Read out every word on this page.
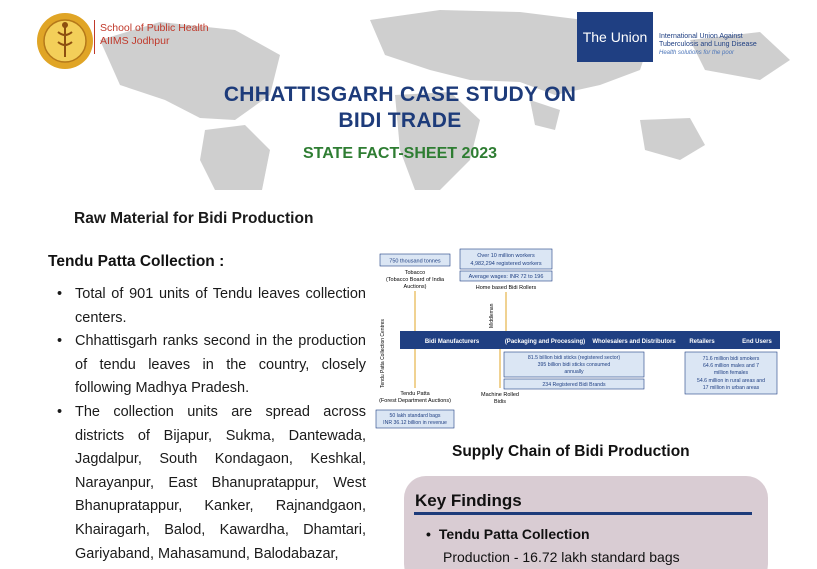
School of Public Health
AIIMS Jodhpur	The Union International Union Against
Tuberculosis and Lung Disease
Health solutions for the poor
CHHATTISGARH CASE STUDY ON
BIDI TRADE
STATE FACT-SHEET 2023
Raw Material for Bidi Production
Tendu Patta Collection :
• Total of 901 units of Tendu leaves collection centers.
• Chhattisgarh ranks second in the production of tendu leaves in the country, closely following Madhya Pradesh.
• The collection units are spread across districts of Bijapur, Sukma, Dantewada, Jagdalpur, South Kondagaon, Keshkal, Narayanpur, East Bhanupratappur, West Bhanupratappur, Kanker, Rajnandgaon, Khairagarh, Balod, Kawardha, Dhamtari, Gariyaband, Mahasamund, Balodabazar,
750 thousand tonnes
Tobacco
(Tobacco Board of India
Auctions)
Over 10 million workers
4,982,294 registered workers
Average wages: INR 72 to 196
Home based Bidi Rollers
Middleman
Bidi Manufacturers	(Packaging and Processing) Wholesalers and Distributors Retailers	End Users
81.5 billion bidi sticks (registered sector)
395 billion bidi sticks consumed
annually
234 Registered Bidi Brands
71.6 million bidi smokers
64.6 million males and 7
million females
54.6 million in rural areas and
17 million in urban areas
Tendu Patta Collection Centres
Tendu Patta
(Forest Department Auctions)
50 lakh standard bags
INR 36.12 billion in revenue
Machine Rolled
Bidis
Supply Chain of Bidi Production
Key Findings
• Tendu Patta Collection
Production - 16.72 lakh standard bags
